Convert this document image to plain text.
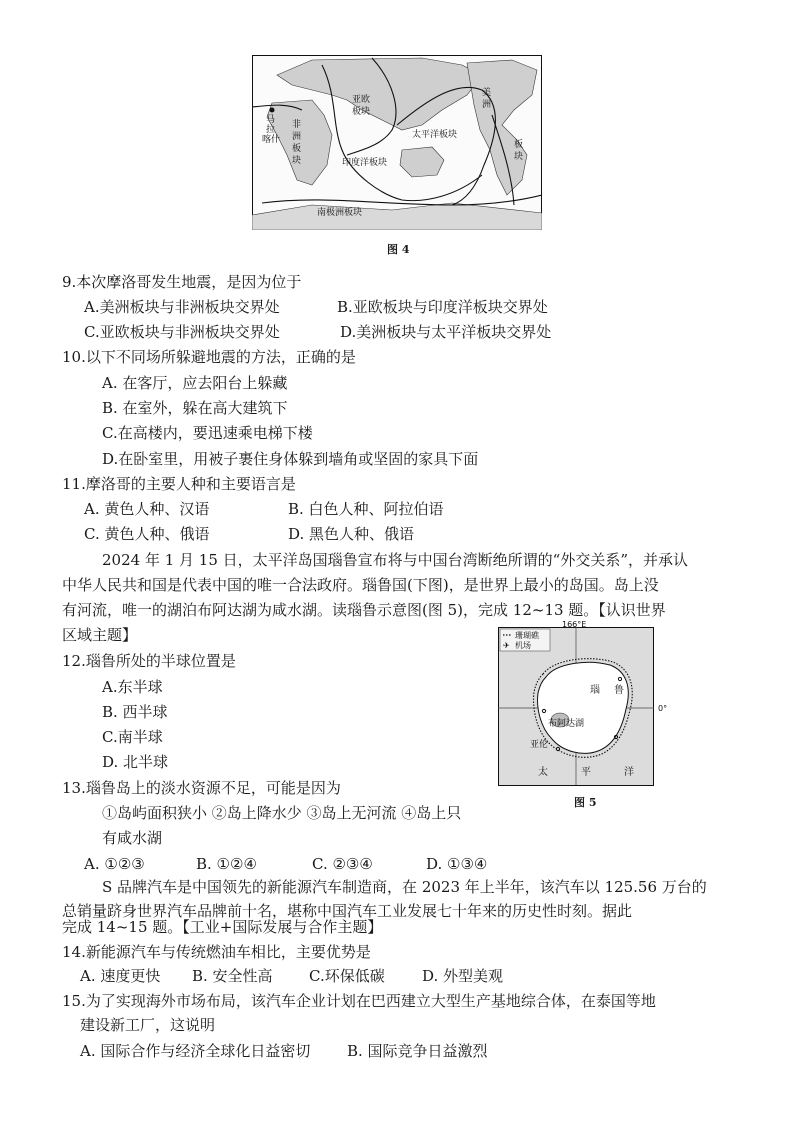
马
拉
喀什
非
洲
板
块
亚欧
板块
太平洋板块
印度洋板块
美
洲
板
块
南极洲板块
图 4
9.本次摩洛哥发生地震，是因为位于
A.美洲板块与非洲板块交界处	B.亚欧板块与印度洋板块交界处
C.亚欧板块与非洲板块交界处	D.美洲板块与太平洋板块交界处
10.以下不同场所躲避地震的方法，正确的是
A. 在客厅，应去阳台上躲藏
B. 在室外，躲在高大建筑下
C.在高楼内，要迅速乘电梯下楼
D.在卧室里，用被子裹住身体躲到墙角或坚固的家具下面
11.摩洛哥的主要人种和主要语言是
A. 黄色人种、汉语	B. 白色人种、阿拉伯语
C. 黄色人种、俄语	D. 黑色人种、俄语
2024 年 1 月 15 日，太平洋岛国瑙鲁宣布将与中国台湾断绝所谓的“外交关系”，并承认
中华人民共和国是代表中国的唯一合法政府。瑙鲁国(下图)，是世界上最小的岛国。岛上没
有河流，唯一的湖泊布阿达湖为咸水湖。读瑙鲁示意图(图 5)，完成 12~13 题。【认识世界
区域主题】
12.瑙鲁所处的半球位置是
A.东半球
B. 西半球
C.南半球
D. 北半球
13.瑙鲁岛上的淡水资源不足，可能是因为
①岛屿面积狭小 ②岛上降水少 ③岛上无河流 ④岛上只
有咸水湖
A. ①②③	B. ①②④	C. ②③④	D. ①③④
S 品牌汽车是中国领先的新能源汽车制造商，在 2023 年上半年，该汽车以 125.56 万台的
总销量跻身世界汽车品牌前十名，堪称中国汽车工业发展七十年来的历史性时刻。据此
完成 14~15 题。【工业+国际发展与合作主题】
14.新能源汽车与传统燃油车相比，主要优势是
A. 速度更快 B. 安全性高 C.环保低碳 D. 外型美观
15.为了实现海外市场布局，该汽车企业计划在巴西建立大型生产基地综合体，在泰国等地
建设新工厂，这说明
A. 国际合作与经济全球化日益密切 B. 国际竞争日益激烈
珊瑚礁
✈ 机场
166°E
0°
瑙 鲁
布阿达湖
亚伦
太	平	洋
图 5
